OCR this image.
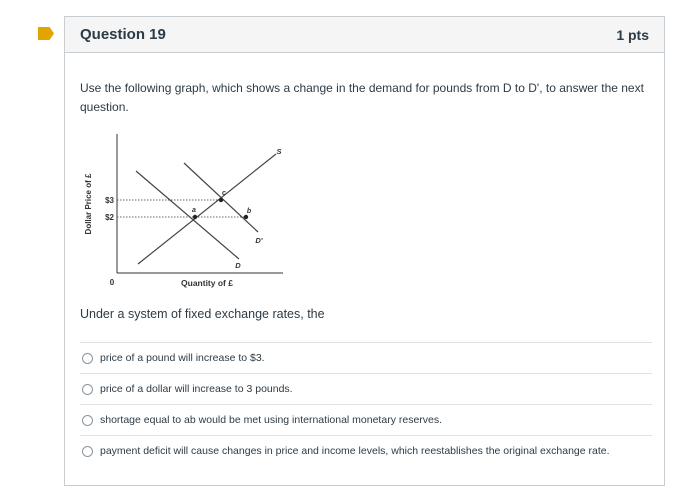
Question 19	1 pts
Use the following graph, which shows a change in the demand for pounds from D to D', to answer the next question.
Dollar Price of £ $3
$2
0	Quantity of £
S
D
D'
a	b
c
Under a system of fixed exchange rates, the
price of a pound will increase to $3.
price of a dollar will increase to 3 pounds.
shortage equal to ab would be met using international monetary reserves.
payment deficit will cause changes in price and income levels, which reestablishes the original exchange rate.
